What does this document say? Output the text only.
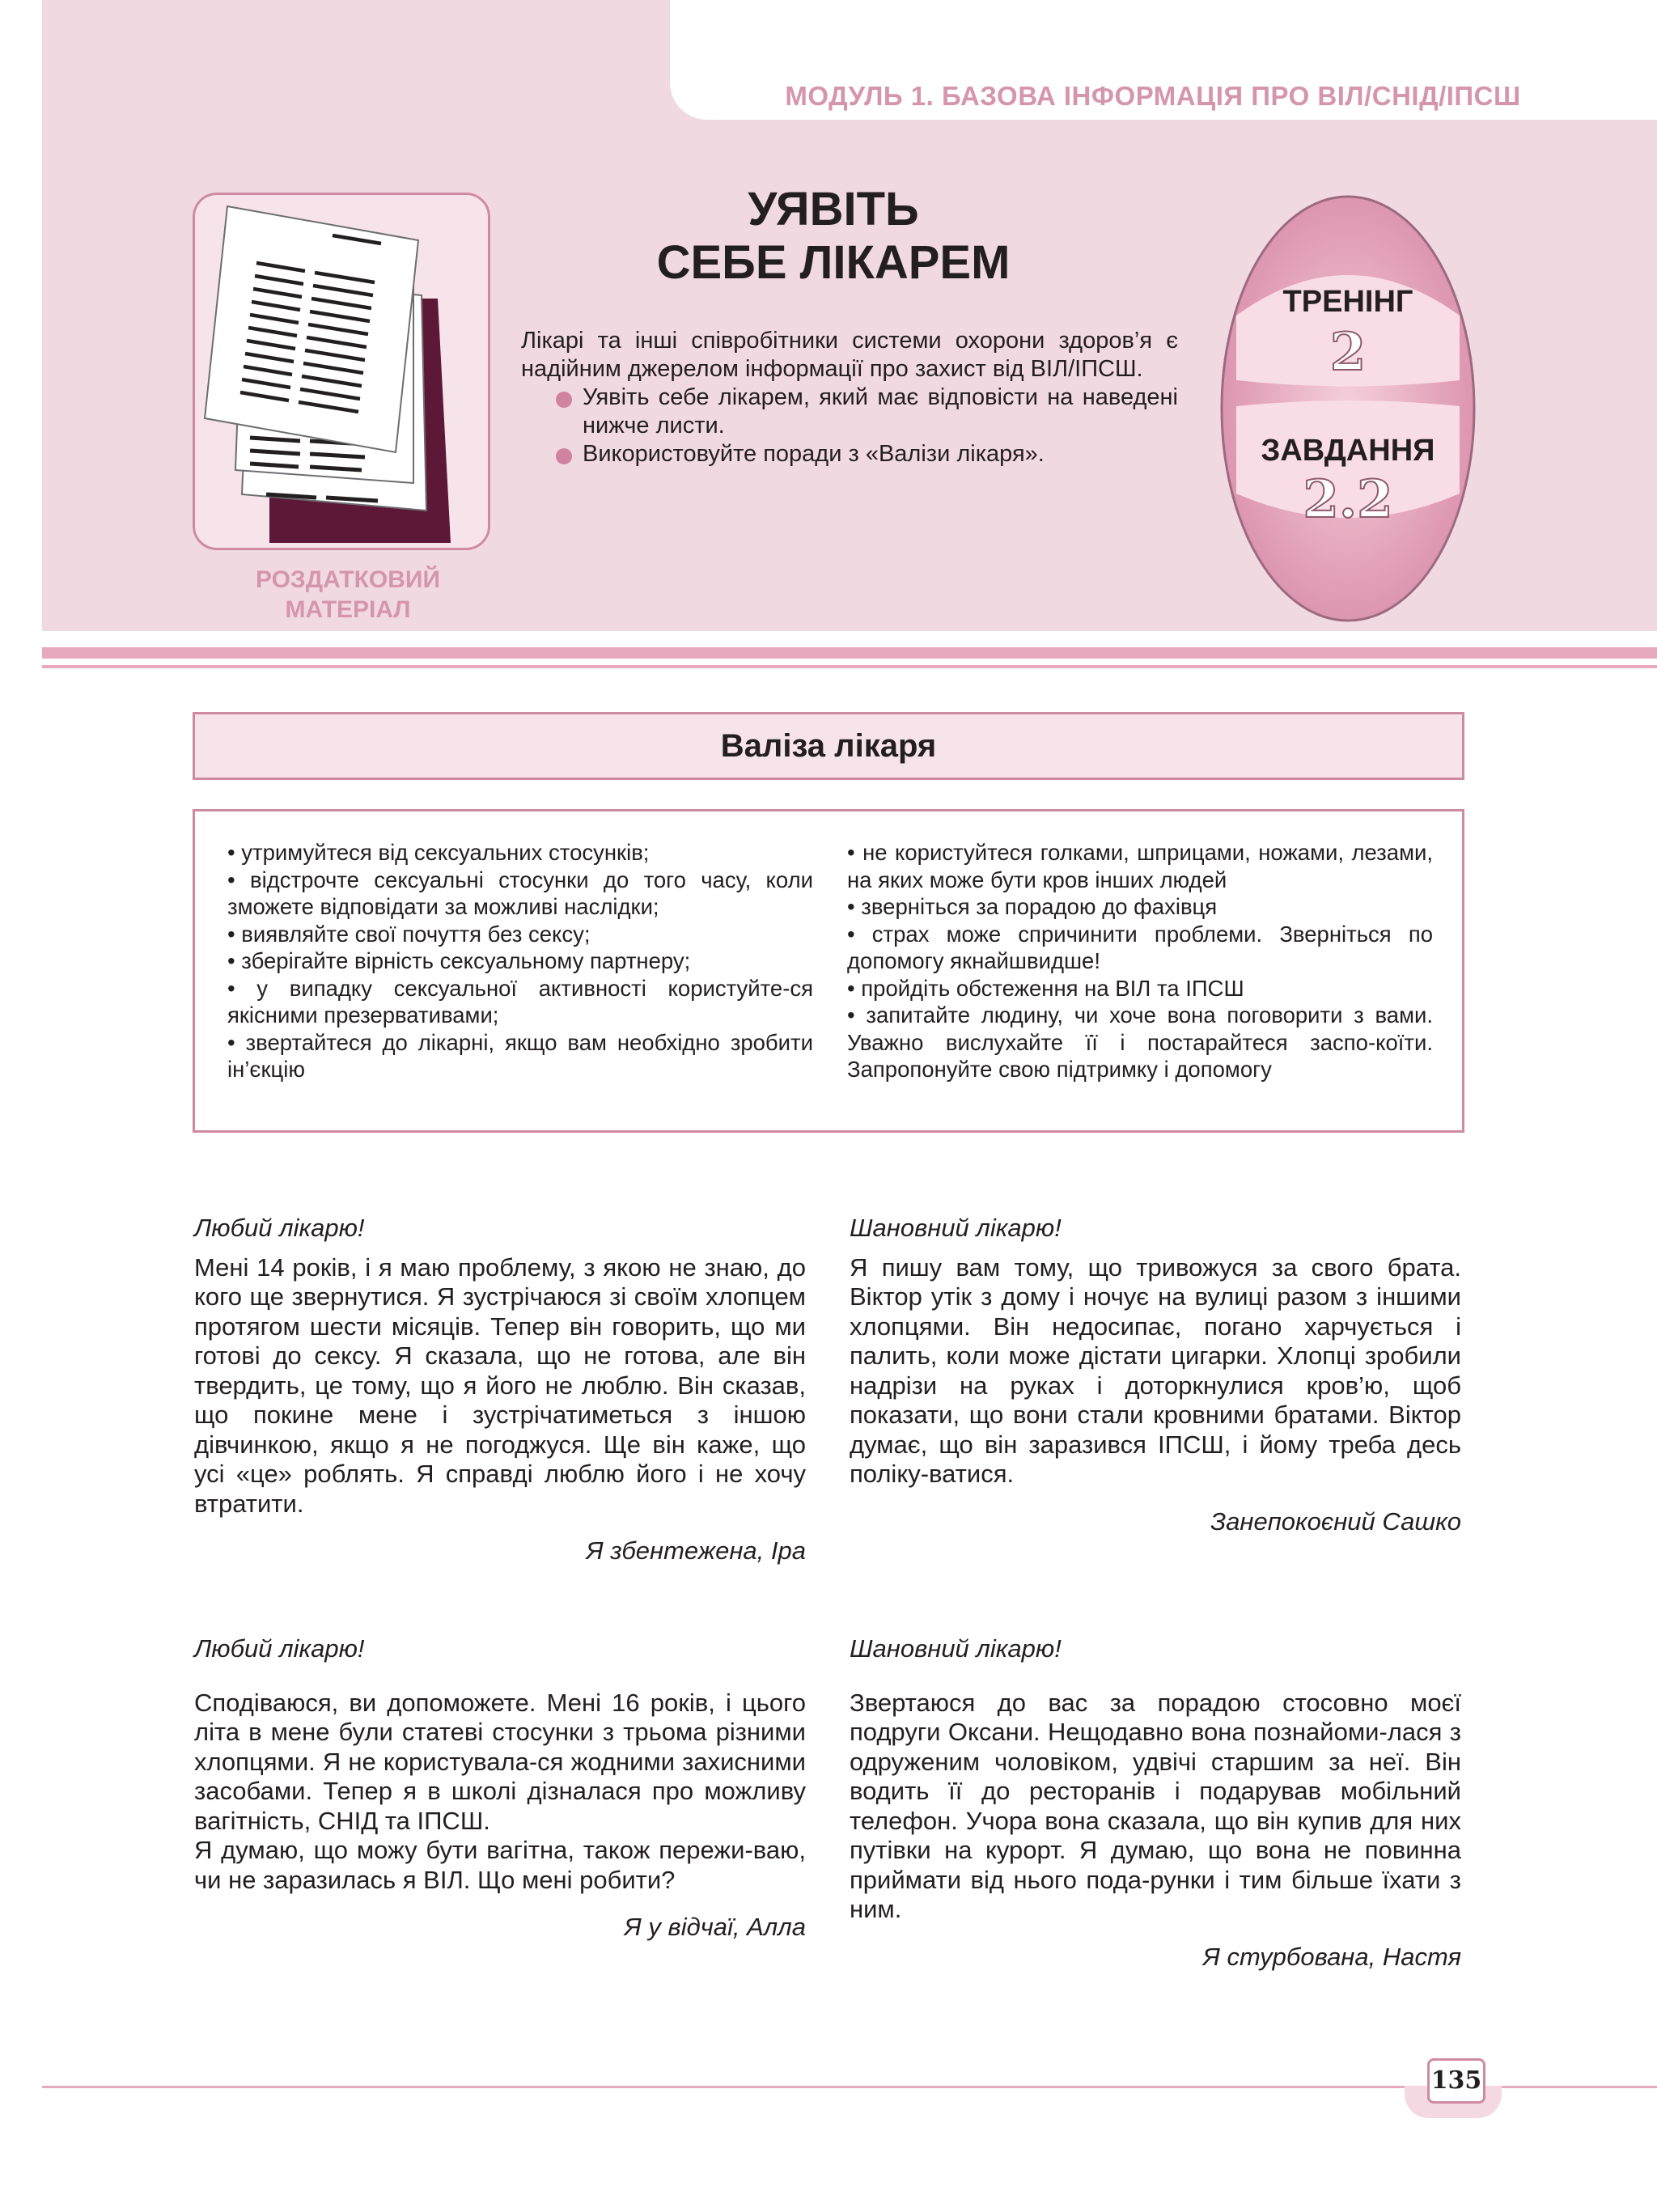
МОДУЛЬ 1. БАЗОВА ІНФОРМАЦІЯ ПРО ВІЛ/СНІД/ІПСШ
РОЗДАТКОВИЙ
МАТЕРІАЛ
УЯВІТЬ
СЕБЕ ЛІКАРЕМ
Лікарі та інші співробітники системи охорони здоров’я є надійним джерелом інформації про захист від ВІЛ/ІПСШ.
Уявіть себе лікарем, який має відповісти на наведені нижче листи.
Використовуйте поради з «Валізи лікаря».
ТРЕНІНГ
2
ЗАВДАННЯ
2.2
Валіза лікаря

• утримуйтеся від сексуальних стосунків;

• відстрочте сексуальні стосунки до того часу, коли зможете відповідати за можливі наслідки;

• виявляйте свої почуття без сексу;

• зберігайте вірність сексуальному партнеру;

• у випадку сексуальної активності користуйте-ся якісними презервативами;

• звертайтеся до лікарні, якщо вам необхідно зробити ін’єкцію

• не користуйтеся голками, шприцами, ножами, лезами, на яких може бути кров інших людей

• зверніться за порадою до фахівця

• страх може спричинити проблеми. Зверніться по допомогу якнайшвидше!

• пройдіть обстеження на ВІЛ та ІПСШ

• запитайте людину, чи хоче вона поговорити з вами. Уважно вислухайте її і постарайтеся заспо-коїти. Запропонуйте свою підтримку і допомогу

Любий лікарю!

Мені 14 років, і я маю проблему, з якою не знаю, до кого ще звернутися. Я зустрічаюся зі своїм хлопцем протягом шести місяців. Тепер він говорить, що ми готові до сексу. Я сказала, що не готова, але він твердить, це тому, що я його не люблю. Він сказав, що покине мене і зустрічатиметься з іншою дівчинкою, якщо я не погоджуся. Ще він каже, що усі «це» роблять. Я справді люблю його і не хочу втратити.

Я збентежена, Іра
Шановний лікарю!

Я пишу вам тому, що тривожуся за свого брата. Віктор утік з дому і ночує на вулиці разом з іншими хлопцями. Він недосипає, погано харчується і палить, коли може дістати цигарки. Хлопці зробили надрізи на руках і доторкнулися кров’ю, щоб показати, що вони стали кровними братами. Віктор думає, що він заразився ІПСШ, і йому треба десь поліку-ватися.

Занепокоєний Сашко
Любий лікарю!

Сподіваюся, ви допоможете. Мені 16 років, і цього літа в мене були статеві стосунки з трьома різними хлопцями. Я не користувала-ся жодними захисними засобами. Тепер я в школі дізналася про можливу вагітність, СНІД та ІПСШ.

Я думаю, що можу бути вагітна, також пережи-ваю, чи не заразилась я ВІЛ. Що мені робити?

Я у відчаї, Алла
Шановний лікарю!

Звертаюся до вас за порадою стосовно моєї подруги Оксани. Нещодавно вона познайоми-лася з одруженим чоловіком, удвічі старшим за неї. Він водить її до ресторанів і подарував мобільний телефон. Учора вона сказала, що він купив для них путівки на курорт. Я думаю, що вона не повинна приймати від нього пода-рунки і тим більше їхати з ним.

Я стурбована, Настя
135
